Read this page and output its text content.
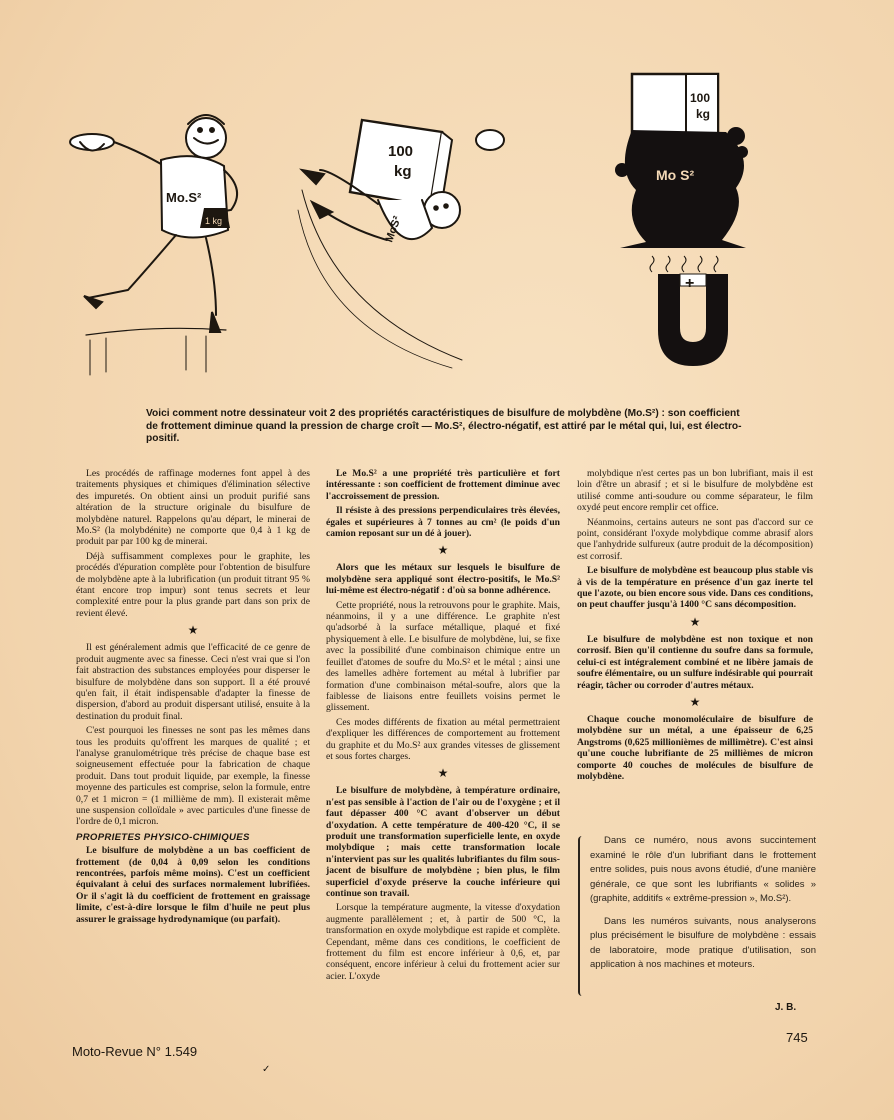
Mo.S²
1 kg
100
kg
MoS²
100
kg
Mo S²
+

Voici comment notre dessinateur voit 2 des propriétés caractéristiques de bisulfure de molybdène (Mo.S²) : son coefficient de frottement diminue quand la pression de charge croît — Mo.S², électro-négatif, est attiré par le métal qui, lui, est électro-positif.

Les procédés de raffinage modernes font appel à des traitements physiques et chimiques d'élimination sélective des impuretés. On obtient ainsi un produit purifié sans altération de la structure originale du bisulfure de molybdène naturel. Rappelons qu'au départ, le minerai de Mo.S² (la molybdénite) ne comporte que 0,4 à 1 kg de produit par par 100 kg de minerai.

Déjà suffisamment complexes pour le graphite, les procédés d'épuration complète pour l'obtention de bisulfure de molybdène apte à la lubrification (un produit titrant 95 % étant encore trop impur) sont tenus secrets et leur complexité entre pour la plus grande part dans son prix de revient élevé.

★

Il est généralement admis que l'efficacité de ce genre de produit augmente avec sa finesse. Ceci n'est vrai que si l'on fait abstraction des substances employées pour disperser le bisulfure de molybdène dans son support. Il a été prouvé qu'en fait, il était indispensable d'adapter la finesse de dispersion, d'abord au produit dispersant utilisé, ensuite à la destination du produit final.

C'est pourquoi les finesses ne sont pas les mêmes dans tous les produits qu'offrent les marques de qualité ; et l'analyse granulométrique très précise de chaque base est soigneusement effectuée pour la fabrication de chaque produit. Dans tout produit liquide, par exemple, la finesse moyenne des particules est comprise, selon la formule, entre 0,7 et 1 micron = (1 millième de mm). Il existerait même une suspension colloïdale » avec particules d'une finesse de l'ordre de 0,1 micron.

PROPRIETES PHYSICO-CHIMIQUES

Le bisulfure de molybdène a un bas coefficient de frottement (de 0,04 à 0,09 selon les conditions rencontrées, parfois même moins). C'est un coefficient équivalant à celui des surfaces normalement lubrifiées. Or il s'agit là du coefficient de frottement en graissage limite, c'est-à-dire lorsque le film d'huile ne peut plus assurer le graissage hydrodynamique (ou parfait).

Le Mo.S² a une propriété très particulière et fort intéressante : son coefficient de frottement diminue avec l'accroissement de pression.

Il résiste à des pressions perpendiculaires très élevées, égales et supérieures à 7 tonnes au cm² (le poids d'un camion reposant sur un dé à jouer).

★

Alors que les métaux sur lesquels le bisulfure de molybdène sera appliqué sont électro-positifs, le Mo.S² lui-même est électro-négatif : d'où sa bonne adhérence.

Cette propriété, nous la retrouvons pour le graphite. Mais, néanmoins, il y a une différence. Le graphite n'est qu'adsorbé à la surface métallique, plaqué et fixé physiquement à elle. Le bisulfure de molybdène, lui, se fixe avec la possibilité d'une combinaison chimique entre un feuillet d'atomes de soufre du Mo.S² et le métal ; ainsi une des lamelles adhère fortement au métal à lubrifier par formation d'une combinaison métal-soufre, alors que la faiblesse de liaisons entre feuillets voisins permet le glissement.

Ces modes différents de fixation au métal permettraient d'expliquer les différences de comportement au frottement du graphite et du Mo.S² aux grandes vitesses de glissement et sous fortes charges.

★

Le bisulfure de molybdène, à température ordinaire, n'est pas sensible à l'action de l'air ou de l'oxygène ; et il faut dépasser 400 °C avant d'observer un début d'oxydation. A cette température de 400-420 °C, il se produit une transformation superficielle lente, en oxyde molybdique ; mais cette transformation locale n'intervient pas sur les qualités lubrifiantes du film sous-jacent de bisulfure de molybdène ; bien plus, le film superficiel d'oxyde préserve la couche inférieure qui continue son travail.

Lorsque la température augmente, la vitesse d'oxydation augmente parallèlement ; et, à partir de 500 °C, la transformation en oxyde molybdique est rapide et complète. Cependant, même dans ces conditions, le coefficient de frottement du film est encore inférieur à 0,6, et, par conséquent, encore inférieur à celui du frottement acier sur acier. L'oxyde

molybdique n'est certes pas un bon lubrifiant, mais il est loin d'être un abrasif ; et si le bisulfure de molybdène est utilisé comme anti-soudure ou comme séparateur, le film oxydé peut encore remplir cet office.

Néanmoins, certains auteurs ne sont pas d'accord sur ce point, considérant l'oxyde molybdique comme abrasif alors que l'anhydride sulfureux (autre produit de la décomposition) est corrosif.

Le bisulfure de molybdène est beaucoup plus stable vis à vis de la température en présence d'un gaz inerte tel que l'azote, ou bien encore sous vide. Dans ces conditions, on peut chauffer jusqu'à 1400 °C sans décomposition.

★

Le bisulfure de molybdène est non toxique et non corrosif. Bien qu'il contienne du soufre dans sa formule, celui-ci est intégralement combiné et ne libère jamais de soufre élémentaire, ou un sulfure indésirable qui pourrait réagir, tâcher ou corroder d'autres métaux.

★

Chaque couche monomoléculaire de bisulfure de molybdène sur un métal, a une épaisseur de 6,25 Angstroms (0,625 millionièmes de millimètre). C'est ainsi qu'une couche lubrifiante de 25 millièmes de micron comporte 40 couches de molécules de bisulfure de molybdène.

Dans ce numéro, nous avons succintement examiné le rôle d'un lubrifiant dans le frottement entre solides, puis nous avons étudié, d'une manière générale, ce que sont les lubrifiants « solides » (graphite, additifs « extrême-pression », Mo.S²).

Dans les numéros suivants, nous analyserons plus précisément le bisulfure de molybdène : essais de laboratoire, mode pratique d'utilisation, son application à nos machines et moteurs.

J. B.
Moto-Revue N° 1.549
745
✓
